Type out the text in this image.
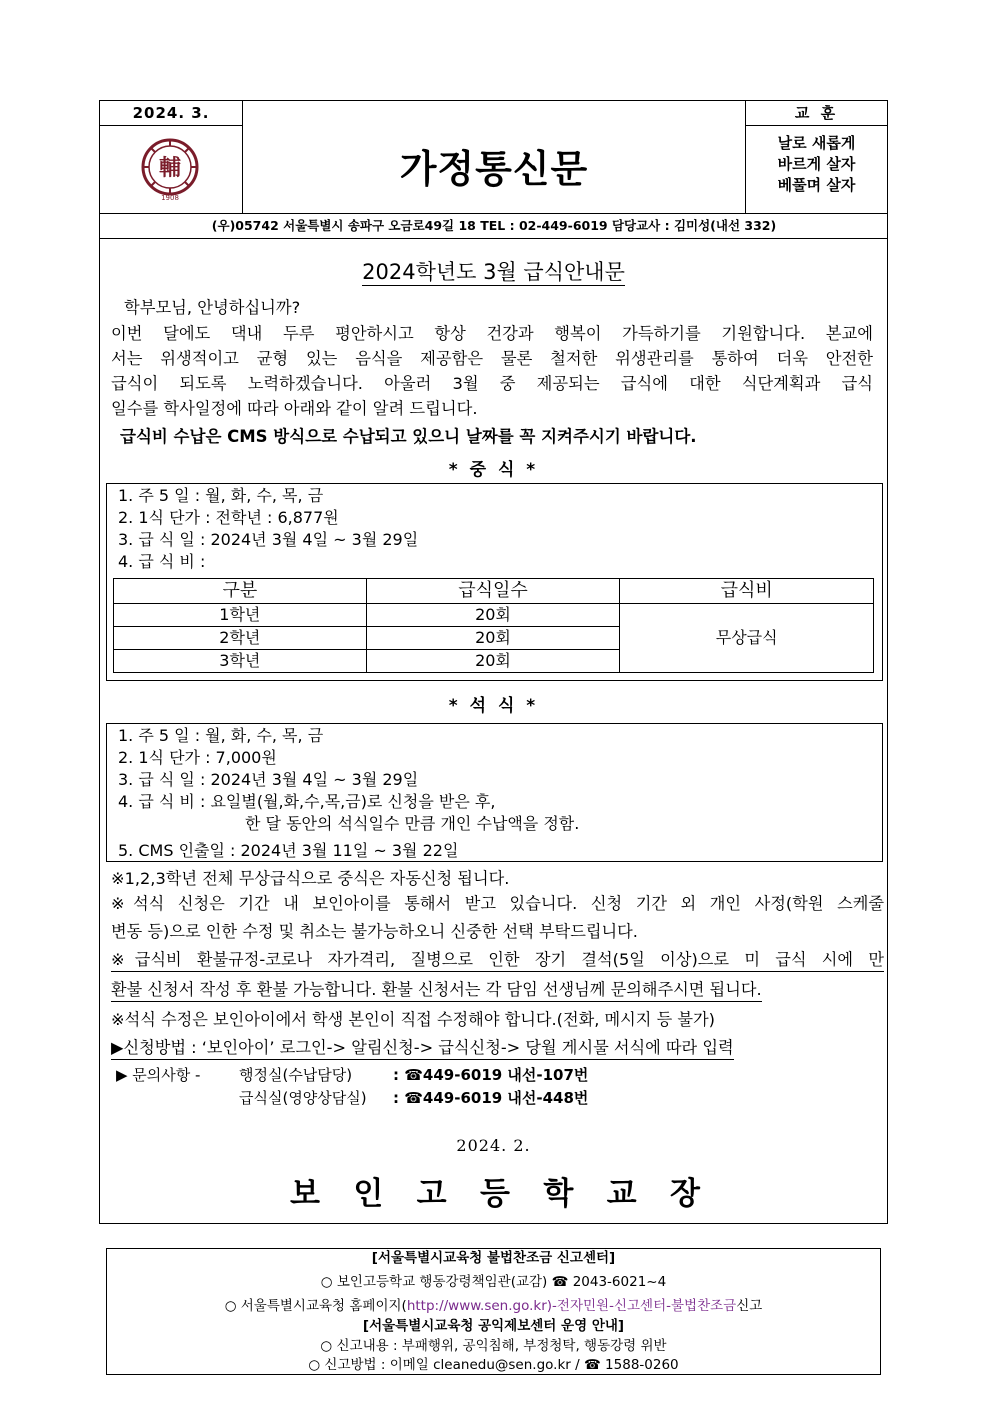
2024. 3.	교 훈
輔
1908
가정통신문
날로 새롭게
바르게 살자
베풀며 살자
(우)05742 서울특별시 송파구 오금로49길 18 TEL : 02-449-6019 담당교사 : 김미성(내선 332)
2024학년도 3월 급식안내문
학부모님, 안녕하십니까?
이번 달에도 댁내 두루 평안하시고 항상 건강과 행복이 가득하기를 기원합니다. 본교에
서는 위생적이고 균형 있는 음식을 제공함은 물론 철저한 위생관리를 통하여 더욱 안전한
급식이 되도록 노력하겠습니다. 아울러 3월 중 제공되는 급식에 대한 식단계획과 급식
일수를 학사일정에 따라 아래와 같이 알려 드립니다.
급식비 수납은 CMS 방식으로 수납되고 있으니 날짜를 꼭 지켜주시기 바랍니다.
* 중 식 *
1. 주 5 일 : 월, 화, 수, 목, 금
2. 1식 단가 : 전학년 : 6,877원
3. 급 식 일 : 2024년 3월 4일 ~ 3월 29일
4. 급 식 비 :
구분	급식일수	급식비
1학년	20회	무상급식
2학년	20회	
3학년	20회	
* 석 식 *
1. 주 5 일 : 월, 화, 수, 목, 금
2. 1식 단가 : 7,000원
3. 급 식 일 : 2024년 3월 4일 ~ 3월 29일
4. 급 식 비 : 요일별(월,화,수,목,금)로 신청을 받은 후,
한 달 동안의 석식일수 만큼 개인 수납액을 정함.
5. CMS 인출일 : 2024년 3월 11일 ~ 3월 22일
※1,2,3학년 전체 무상급식으로 중식은 자동신청 됩니다.
※석식 신청은 기간 내 보인아이를 통해서 받고 있습니다. 신청 기간 외 개인 사정(학원 스케줄
변동 등)으로 인한 수정 및 취소는 불가능하오니 신중한 선택 부탁드립니다.
※급식비 환불규정-코로나 자가격리, 질병으로 인한 장기 결석(5일 이상)으로 미 급식 시에 만
환불 신청서 작성 후 환불 가능합니다. 환불 신청서는 각 담임 선생님께 문의해주시면 됩니다.
※석식 수정은 보인아이에서 학생 본인이 직접 수정해야 합니다.(전화, 메시지 등 불가)
▶신청방법 : ‘보인아이’ 로그인-> 알림신청-> 급식신청-> 당월 게시물 서식에 따라 입력
▶ 문의사항 -	행정실(수납담당)	: ☎449-6019 내선-107번
급식실(영양상담실) : ☎449-6019 내선-448번
2024. 2.
보 인 고 등 학 교 장
[서울특별시교육청 불법찬조금 신고센터]
○ 보인고등학교 행동강령책임관(교감) ☎ 2043-6021~4
○ 서울특별시교육청 홈페이지(http://www.sen.go.kr)-전자민원-신고센터-불법찬조금신고
[서울특별시교육청 공익제보센터 운영 안내]
○ 신고내용 : 부패행위, 공익침해, 부정청탁, 행동강령 위반
○ 신고방법 : 이메일 cleanedu@sen.go.kr / ☎ 1588-0260
